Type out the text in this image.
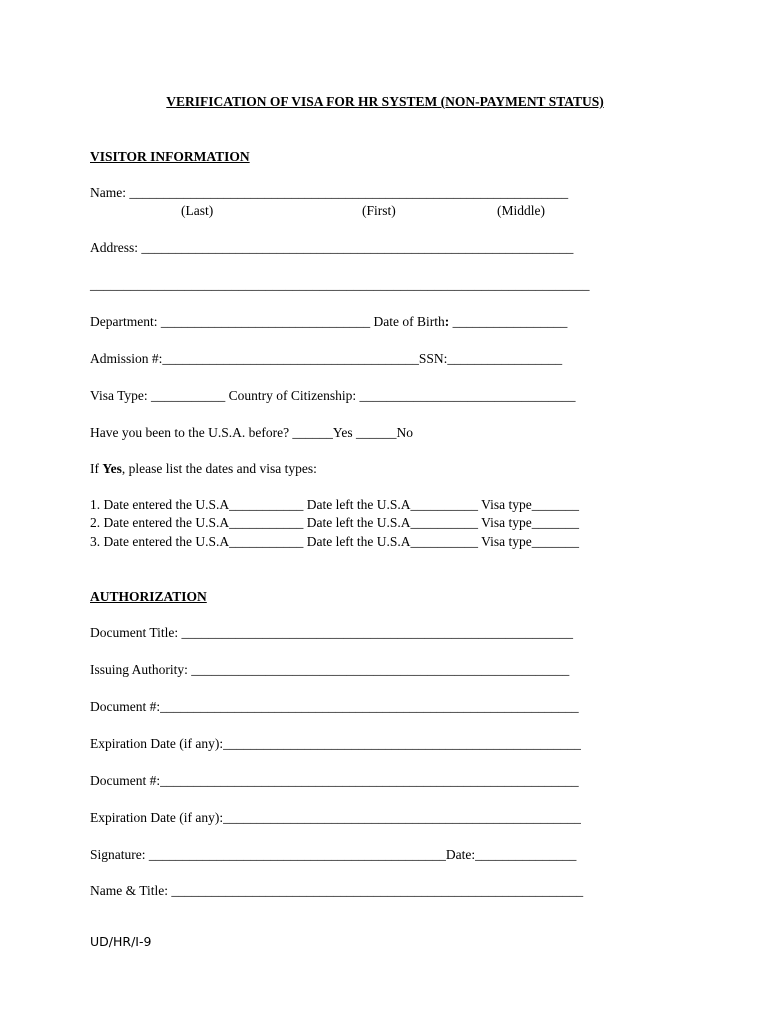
VERIFICATION OF VISA FOR HR SYSTEM (NON-PAYMENT STATUS)
VISITOR INFORMATION
Name: _________________________________________________________________
(Last)	(First)	(Middle)
Address: ________________________________________________________________
__________________________________________________________________________
Department: _______________________________ Date of Birth: _________________
Admission #:______________________________________SSN:_________________
Visa Type: ___________ Country of Citizenship: ________________________________
Have you been to the U.S.A. before? ______Yes ______No
If Yes, please list the dates and visa types:
1. Date entered the U.S.A___________ Date left the U.S.A__________ Visa type_______
2. Date entered the U.S.A___________ Date left the U.S.A__________ Visa type_______
3. Date entered the U.S.A___________ Date left the U.S.A__________ Visa type_______
AUTHORIZATION
Document Title: __________________________________________________________
Issuing Authority: ________________________________________________________
Document #:______________________________________________________________
Expiration Date (if any):_____________________________________________________
Document #:______________________________________________________________
Expiration Date (if any):_____________________________________________________
Signature: ____________________________________________Date:_______________
Name & Title: _____________________________________________________________
UD/HR/I-9
